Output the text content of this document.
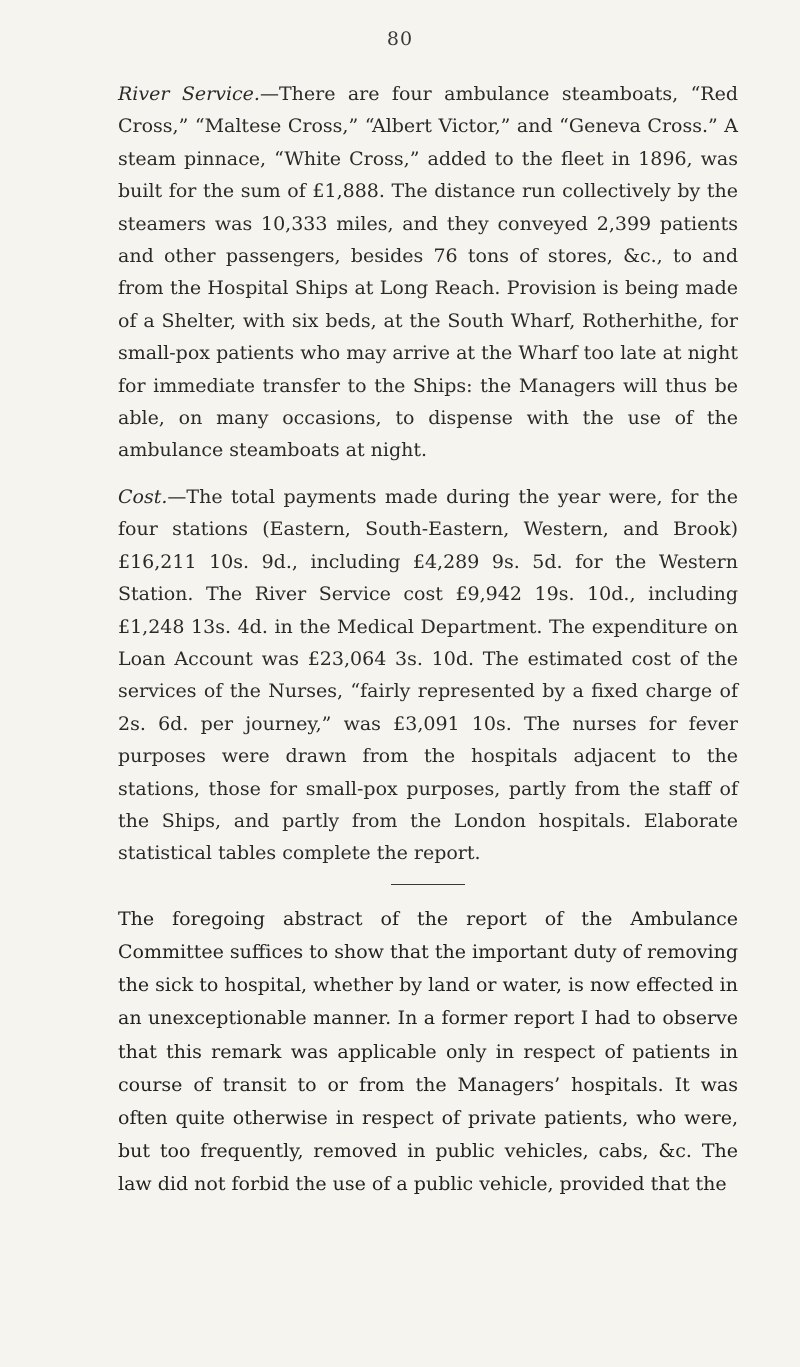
80

River Service.—There are four ambulance steamboats, “Red Cross,” “Maltese Cross,” “Albert Victor,” and “Geneva Cross.” A steam pinnace, “White Cross,” added to the fleet in 1896, was built for the sum of £1,888. The distance run collectively by the steamers was 10,333 miles, and they conveyed 2,399 patients and other passengers, besides 76 tons of stores, &c., to and from the Hospital Ships at Long Reach. Provision is being made of a Shelter, with six beds, at the South Wharf, Rotherhithe, for small-pox patients who may arrive at the Wharf too late at night for immediate transfer to the Ships: the Managers will thus be able, on many occasions, to dispense with the use of the ambulance steamboats at night.

Cost.—The total payments made during the year were, for the four stations (Eastern, South-Eastern, Western, and Brook) £16,211 10s. 9d., including £4,289 9s. 5d. for the Western Station. The River Service cost £9,942 19s. 10d., including £1,248 13s. 4d. in the Medical Department. The expenditure on Loan Account was £23,064 3s. 10d. The estimated cost of the services of the Nurses, “fairly represented by a fixed charge of 2s. 6d. per journey,” was £3,091 10s. The nurses for fever purposes were drawn from the hospitals adjacent to the stations, those for small-pox purposes, partly from the staff of the Ships, and partly from the London hospitals. Elaborate statistical tables complete the report.

The foregoing abstract of the report of the Ambulance Committee suffices to show that the important duty of removing the sick to hospital, whether by land or water, is now effected in an unexceptionable manner. In a former report I had to observe that this remark was applicable only in respect of patients in course of transit to or from the Managers’ hospitals. It was often quite otherwise in respect of private patients, who were, but too frequently, removed in public vehicles, cabs, &c. The law did not forbid the use of a public vehicle, provided that the
